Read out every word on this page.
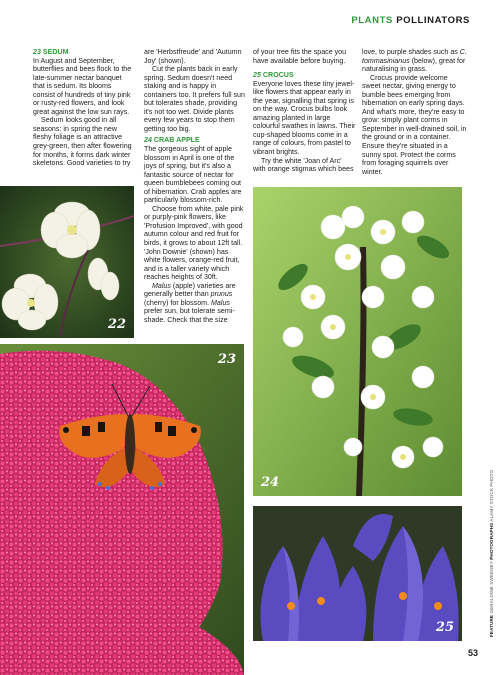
PLANTS POLLINATORS
23 SEDUM

In August and September, butterflies and bees flock to the late-summer nectar banquet that is sedum. Its blooms consist of hundreds of tiny pink or rusty-red flowers, and look great against the low sun rays.

Sedum looks good in all seasons: in spring the new fleshy foliage is an attractive grey-green, then after flowering for months, it forms dark winter skeletons. Good varieties to try

22

are 'Herbstfreude' and 'Autumn Joy' (shown).

Cut the plants back in early spring. Sedum doesn't need staking and is happy in containers too. It prefers full sun but tolerates shade, providing it's not too wet. Divide plants every few years to stop them getting too big.

24 CRAB APPLE

The gorgeous sight of apple blossom in April is one of the joys of spring, but it's also a fantastic source of nectar for queen bumblebees coming out of hibernation. Crab apples are particularly blossom-rich.

Choose from white, pale pink or purply-pink flowers, like 'Profusion Improved', with good autumn colour and red fruit for birds, it grows to about 12ft tall. 'John Downie' (shown) has white flowers, orange-red fruit, and is a taller variety which reaches heights of 30ft.

Malus (apple) varieties are generally better than prunus (cherry) for blossom. Malus prefer sun, but tolerate semi-shade. Check that the size

of your tree fits the space you have available before buying.

25 CROCUS

Everyone loves these tiny jewel-like flowers that appear early in the year, signalling that spring is on the way. Crocus bulbs look amazing planted in large colourful swathes in lawns. Their cup-shaped blooms come in a range of colours, from pastel to vibrant brights.

Try the white 'Joan of Arc' with orange stigmas which bees

love, to purple shades such as C. tommasinianus (below), great for naturalising in grass.

Crocus provide welcome sweet nectar, giving energy to bumble bees emerging from hibernation on early spring days. And what's more, they're easy to grow: simply plant corms in September in well-drained soil, in the ground or in a container. Ensure they're situated in a sunny spot. Protect the corms from foraging squirrels over winter.

23
24
25	FEATURE GERALDINE SWEENEY PHOTOGRAPHS ALAMY STOCK PHOTO
53
